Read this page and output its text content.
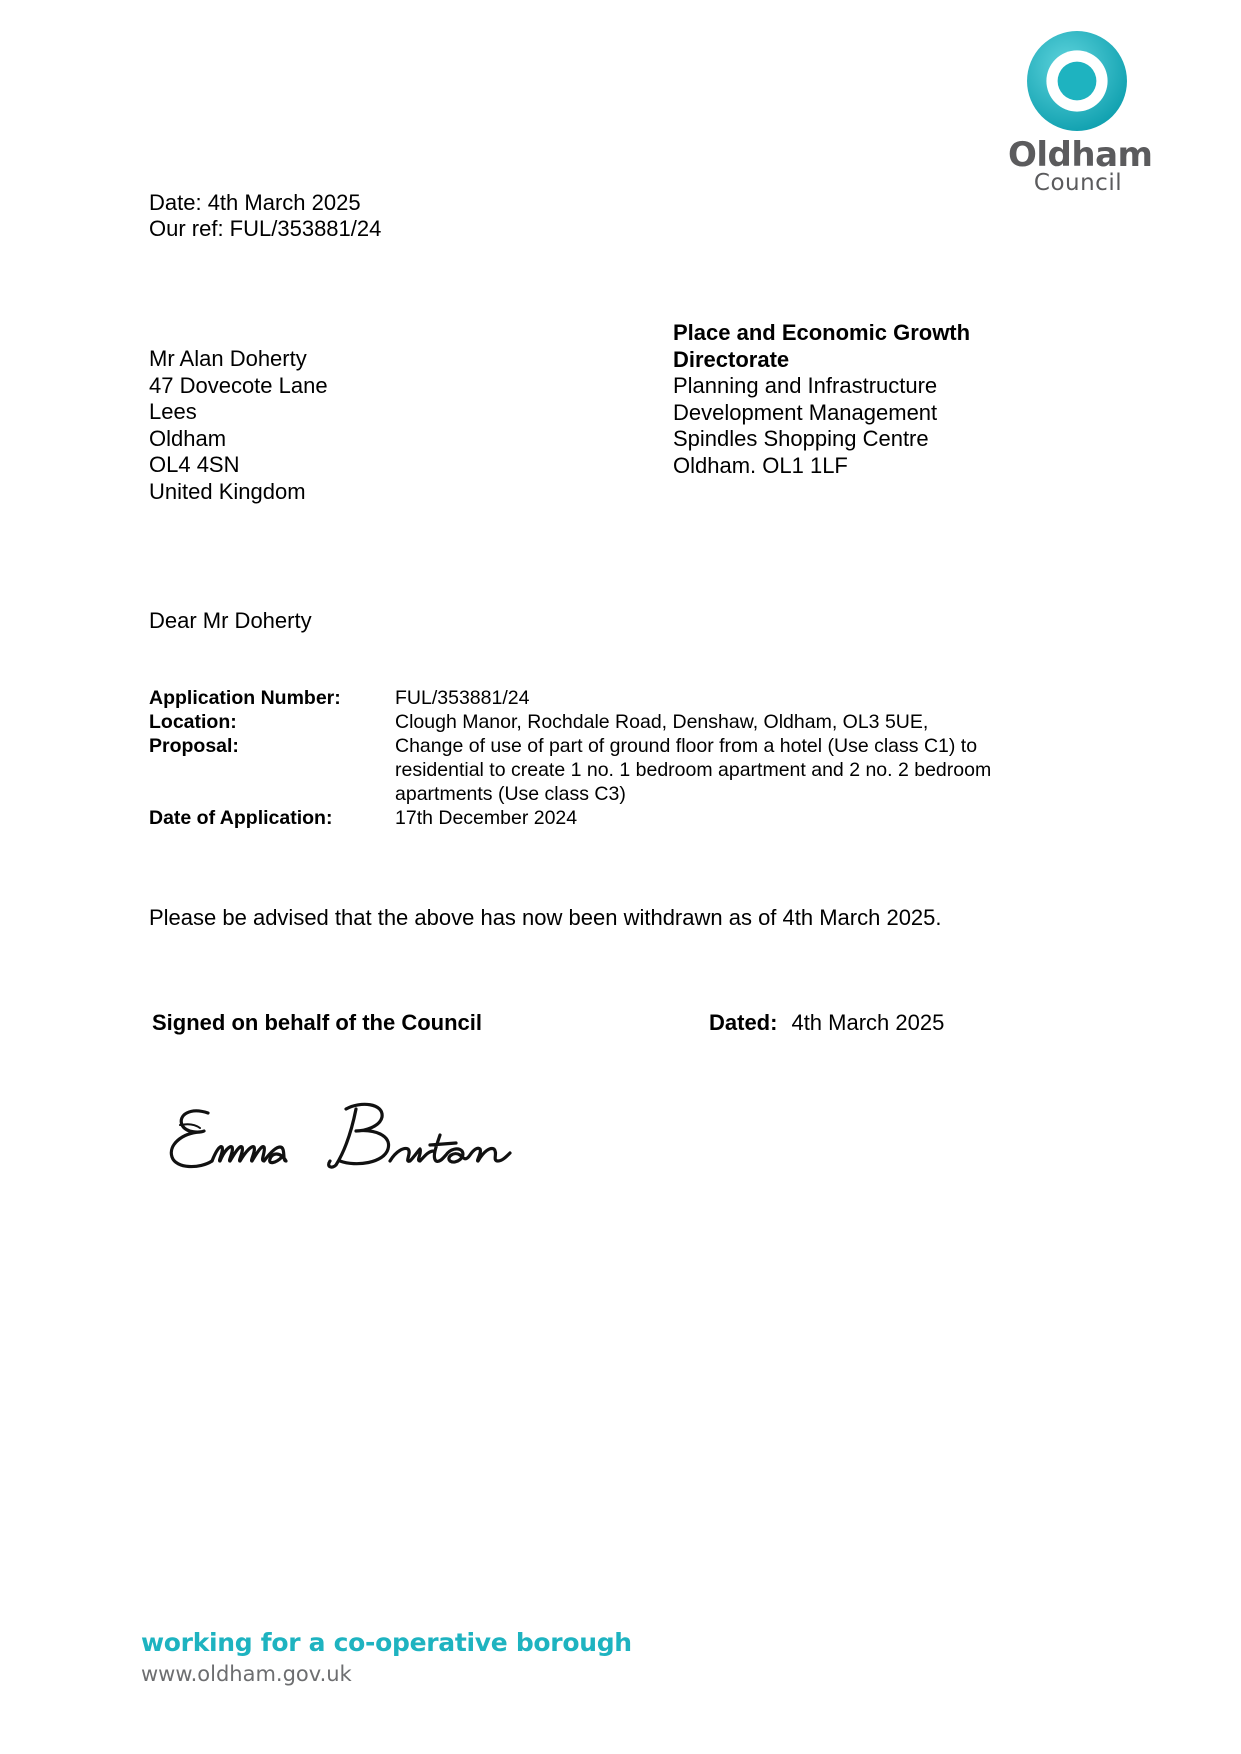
Oldham
Council
Date: 4th March 2025
Our ref: FUL/353881/24
Mr Alan Doherty
47 Dovecote Lane
Lees
Oldham
OL4 4SN
United Kingdom
Place and Economic Growth
Directorate
Planning and Infrastructure
Development Management
Spindles Shopping Centre
Oldham. OL1 1LF
Dear Mr Doherty
Application Number:	FUL/353881/24
Location:	Clough Manor, Rochdale Road, Denshaw, Oldham, OL3 5UE,
Proposal:	Change of use of part of ground floor from a hotel (Use class C1) to residential to create 1 no. 1 bedroom apartment and 2 no. 2 bedroom apartments (Use class C3)
Date of Application:	17th December 2024
Please be advised that the above has now been withdrawn as of 4th March 2025.
Signed on behalf of the Council	Dated: 4th March 2025
working for a co-operative borough
www.oldham.gov.uk
